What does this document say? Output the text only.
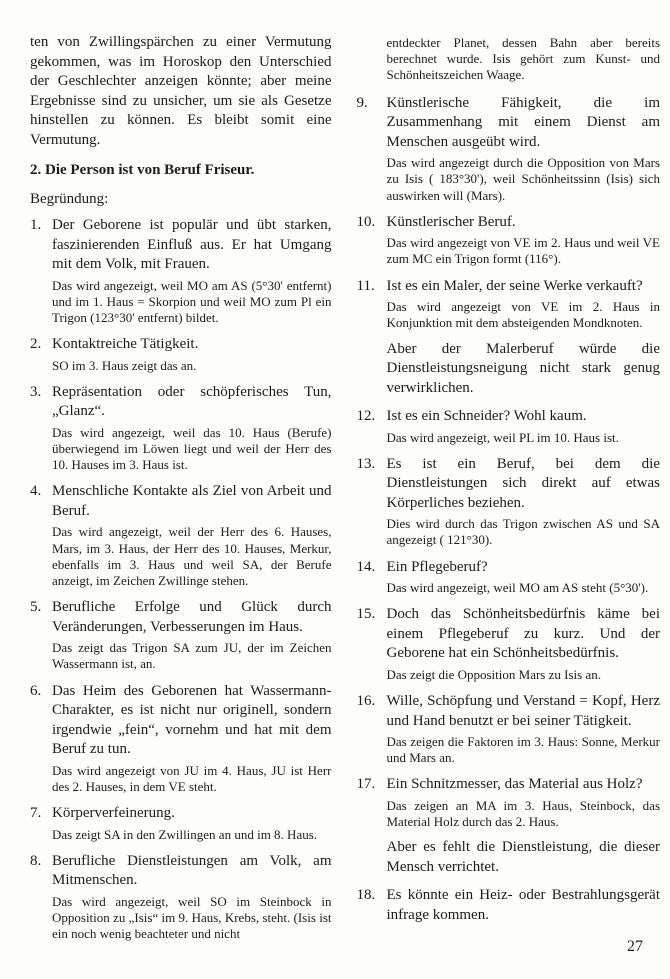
ten von Zwillingspärchen zu einer Vermutung gekommen, was im Horoskop den Unterschied der Geschlechter anzeigen könnte; aber meine Ergebnisse sind zu unsicher, um sie als Gesetze hinstellen zu können. Es bleibt somit eine Vermutung.

2. Die Person ist von Beruf Friseur.

Begründung:

1. Der Geborene ist populär und übt starken, faszinierenden Einfluß aus. Er hat Umgang mit dem Volk, mit Frauen.

Das wird angezeigt, weil MO am AS (5°30' entfernt) und im 1. Haus = Skorpion und weil MO zum Pl ein Trigon (123°30' entfernt) bildet.

2. Kontaktreiche Tätigkeit.

SO im 3. Haus zeigt das an.

3. Repräsentation oder schöpferisches Tun, „Glanz“.

Das wird angezeigt, weil das 10. Haus (Berufe) überwiegend im Löwen liegt und weil der Herr des 10. Hauses im 3. Haus ist.

4. Menschliche Kontakte als Ziel von Arbeit und Beruf.

Das wird angezeigt, weil der Herr des 6. Hauses, Mars, im 3. Haus, der Herr des 10. Hauses, Merkur, ebenfalls im 3. Haus und weil SA, der Berufe anzeigt, im Zeichen Zwillinge stehen.

5. Berufliche Erfolge und Glück durch Veränderungen, Verbesserungen im Haus.

Das zeigt das Trigon SA zum JU, der im Zeichen Wassermann ist, an.

6. Das Heim des Geborenen hat Wassermann-Charakter, es ist nicht nur originell, sondern irgendwie „fein“, vornehm und hat mit dem Beruf zu tun.

Das wird angezeigt von JU im 4. Haus, JU ist Herr des 2. Hauses, in dem VE steht.

7. Körperverfeinerung.

Das zeigt SA in den Zwillingen an und im 8. Haus.

8. Berufliche Dienstleistungen am Volk, am Mitmenschen.

Das wird angezeigt, weil SO im Steinbock in Opposition zu „Isis“ im 9. Haus, Krebs, steht. (Isis ist ein noch wenig beachteter und nicht

entdeckter Planet, dessen Bahn aber bereits berechnet wurde. Isis gehört zum Kunst- und Schönheitszeichen Waage.

9.	Künstlerische Fähigkeit, die im Zusammenhang mit einem Dienst am Menschen ausgeübt wird.

Das wird angezeigt durch die Opposition von Mars zu Isis ( 183°30'), weil Schönheitssinn (Isis) sich auswirken will (Mars).

10. Künstlerischer Beruf.

Das wird angezeigt von VE im 2. Haus und weil VE zum MC ein Trigon formt (116°).

11. Ist es ein Maler, der seine Werke verkauft?

Das wird angezeigt von VE im 2. Haus in Konjunktion mit dem absteigenden Mondknoten.

Aber der Malerberuf würde die Dienstleistungsneigung nicht stark genug verwirklichen.

12. Ist es ein Schneider? Wohl kaum.

Das wird angezeigt, weil PL im 10. Haus ist.

13. Es ist ein Beruf, bei dem die Dienstleistungen sich direkt auf etwas Körperliches beziehen.

Dies wird durch das Trigon zwischen AS und SA angezeigt ( 121°30).

14. Ein Pflegeberuf?

Das wird angezeigt, weil MO am AS steht (5°30').

15. Doch das Schönheitsbedürfnis käme bei einem Pflegeberuf zu kurz. Und der Geborene hat ein Schönheitsbedürfnis.

Das zeigt die Opposition Mars zu Isis an.

16. Wille, Schöpfung und Verstand = Kopf, Herz und Hand benutzt er bei seiner Tätigkeit.

Das zeigen die Faktoren im 3. Haus: Sonne, Merkur und Mars an.

17. Ein Schnitzmesser, das Material aus Holz?

Das zeigen an MA im 3. Haus, Steinbock, das Material Holz durch das 2. Haus.

Aber es fehlt die Dienstleistung, die dieser Mensch verrichtet.

18. Es könnte ein Heiz- oder Bestrahlungsgerät infrage kommen.

27
